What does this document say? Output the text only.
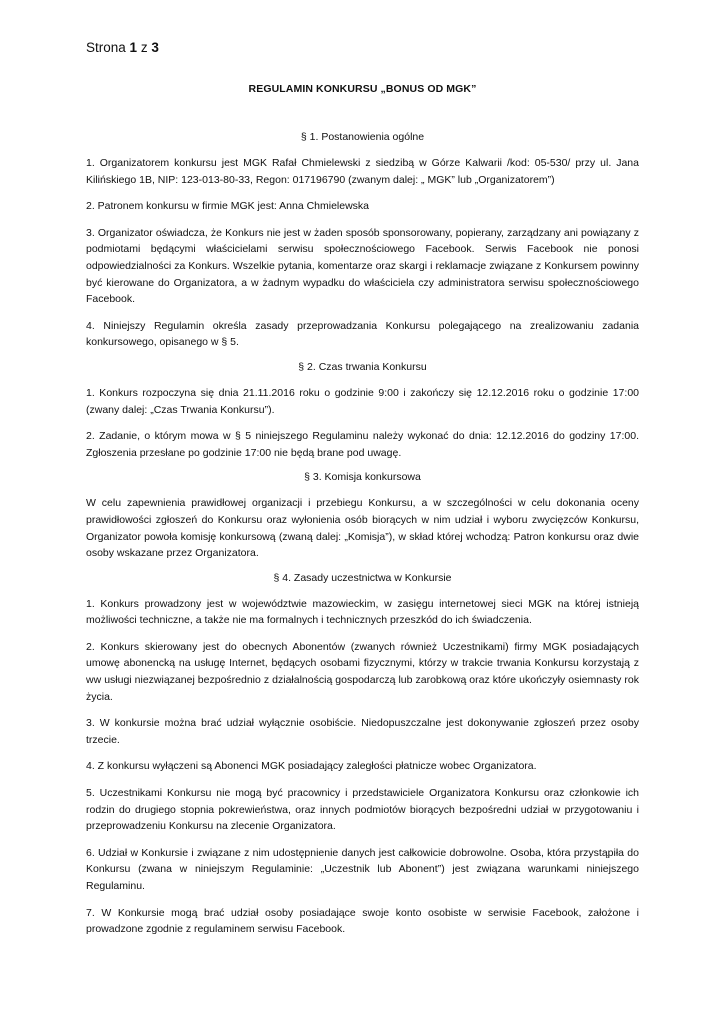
Strona 1 z 3
REGULAMIN KONKURSU „BONUS OD MGK”
§ 1. Postanowienia ogólne

1. Organizatorem konkursu jest MGK Rafał Chmielewski z siedzibą w Górze Kalwarii /kod: 05-530/ przy ul. Jana Kilińskiego 1B, NIP: 123-013-80-33, Regon: 017196790 (zwanym dalej: „ MGK” lub „Organizatorem”)

2. Patronem konkursu w firmie MGK jest: Anna Chmielewska

3. Organizator oświadcza, że Konkurs nie jest w żaden sposób sponsorowany, popierany, zarządzany ani powiązany z podmiotami będącymi właścicielami serwisu społecznościowego Facebook. Serwis Facebook nie ponosi odpowiedzialności za Konkurs. Wszelkie pytania, komentarze oraz skargi i reklamacje związane z Konkursem powinny być kierowane do Organizatora, a w żadnym wypadku do właściciela czy administratora serwisu społecznościowego Facebook.

4. Niniejszy Regulamin określa zasady przeprowadzania Konkursu polegającego na zrealizowaniu zadania konkursowego, opisanego w § 5.

§ 2. Czas trwania Konkursu

1. Konkurs rozpoczyna się dnia 21.11.2016 roku o godzinie 9:00 i zakończy się 12.12.2016 roku o godzinie 17:00 (zwany dalej: „Czas Trwania Konkursu”).

2. Zadanie, o którym mowa w § 5 niniejszego Regulaminu należy wykonać do dnia: 12.12.2016 do godziny 17:00. Zgłoszenia przesłane po godzinie 17:00 nie będą brane pod uwagę.

§ 3. Komisja konkursowa

W celu zapewnienia prawidłowej organizacji i przebiegu Konkursu, a w szczególności w celu dokonania oceny prawidłowości zgłoszeń do Konkursu oraz wyłonienia osób biorących w nim udział i wyboru zwycięzców Konkursu, Organizator powoła komisję konkursową (zwaną dalej: „Komisja”), w skład której wchodzą: Patron konkursu oraz dwie osoby wskazane przez Organizatora.

§ 4. Zasady uczestnictwa w Konkursie

1. Konkurs prowadzony jest w województwie mazowieckim, w zasięgu internetowej sieci MGK na której istnieją możliwości techniczne, a także nie ma formalnych i technicznych przeszkód do ich świadczenia.

2. Konkurs skierowany jest do obecnych Abonentów (zwanych również Uczestnikami) firmy MGK posiadających umowę abonencką na usługę Internet, będących osobami fizycznymi, którzy w trakcie trwania Konkursu korzystają z ww usługi niezwiązanej bezpośrednio z działalnością gospodarczą lub zarobkową oraz które ukończyły osiemnasty rok życia.

3. W konkursie można brać udział wyłącznie osobiście. Niedopuszczalne jest dokonywanie zgłoszeń przez osoby trzecie.

4. Z konkursu wyłączeni są Abonenci MGK posiadający zaległości płatnicze wobec Organizatora.

5. Uczestnikami Konkursu nie mogą być pracownicy i przedstawiciele Organizatora Konkursu oraz członkowie ich rodzin do drugiego stopnia pokrewieństwa, oraz innych podmiotów biorących bezpośredni udział w przygotowaniu i przeprowadzeniu Konkursu na zlecenie Organizatora.

6. Udział w Konkursie i związane z nim udostępnienie danych jest całkowicie dobrowolne. Osoba, która przystąpiła do Konkursu (zwana w niniejszym Regulaminie: „Uczestnik lub Abonent”) jest związana warunkami niniejszego Regulaminu.

7. W Konkursie mogą brać udział osoby posiadające swoje konto osobiste w serwisie Facebook, założone i prowadzone zgodnie z regulaminem serwisu Facebook.
